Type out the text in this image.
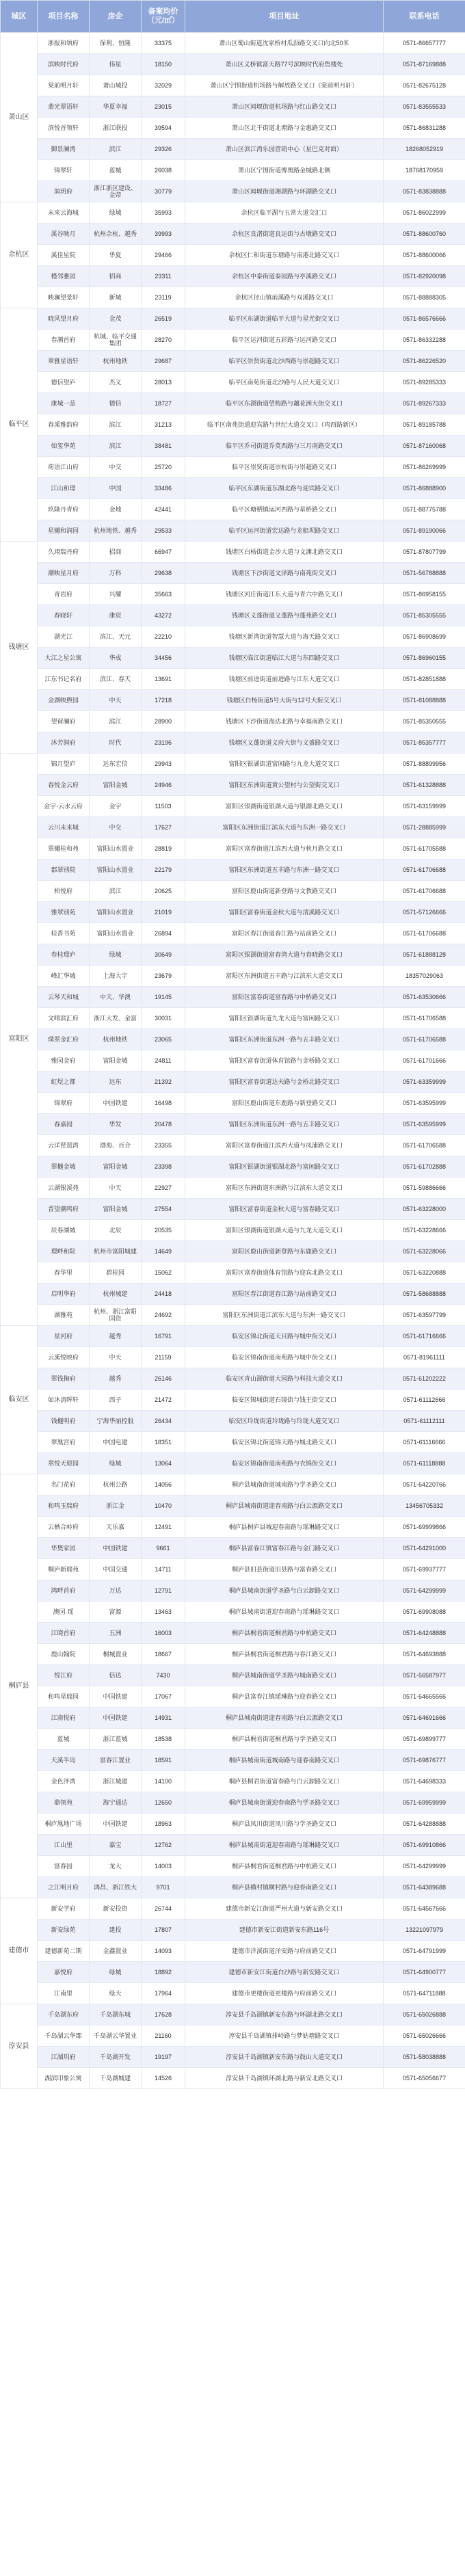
城区	项目名称	房企	备案均价（元/㎡）	项目地址	联系电话
萧山区	浙报和颂府	保利、恒隆	33375	萧山区蜀山街道沈家桥村瓜沥路交叉口向北50米	0571-86657777
	滨映时代府	伟星	18150	萧山区义桥镇富天路77号滨映时代府售楼处	0571-87169888
	棠前明月轩	萧山城投	32029	萧山区宁围街道机场路与解放路交叉口（棠前明月轩）	0571-82675128
	翡光翠语轩	华夏幸福	23015	萧山区闻堰街道机场路与红山路交叉口	0571-83555533
	滨悦首领轩	浙江联投	39594	萧山区北干街道北塘路与金惠路交叉口	0571-86831288
	御景澜湾	滨江	29326	萧山区滨江湾乐园营销中心（星巴克对面）	18268052919
	锦翠轩	蓝城	26038	萧山区宁围街道博奥路金城路北侧	18768170959
	润玥府	浙江浙区建设、金帝	30779	萧山区闻堰街道湘湖路与环湖路交叉口	0571-83838888
余杭区	未来云海城	绿城	35993	余杭区临平湖与五常大道交汇口	0571-86022999
	溪谷映月	杭州余杭、越秀	39993	余杭区良渚街道良运街与古墩路交叉口	0571-88600760
	溪佳星院	华夏	29466	余杭区仁和街道东塘路与南港北路交叉口	0571-88600066
	槿邻雅园	招商	23311	余杭区中泰街道泰园路与亭溪路交叉口	0571-82920098
	映澜望景轩	新城	23119	余杭区径山镇前溪路与双溪路交叉口	0571-88888305
临平区	晓风望月府	金茂	26519	临平区东湖街道临平大道与星光街交叉口	0571-86576666
	春潮首府	杭城、临平交通集团	28270	临平区运河街道五彩路与运河路交叉口	0571-86332288
	翠雅星语轩	杭州地铁	29687	临平区崇贤街道北沙西路与崇超路交叉口	0571-86226520
	德信望庐	杰义	28013	临平区南苑街道北沙路与人民大道交叉口	0571-89285333
	康城一品	德信	18727	临平区东湖街道望梅路与藕花洲大街交叉口	0571-89267333
	春溪雅韵府	滨江	31213	临平区南苑街道迎宾路与世纪大道交叉口（鸡西路新区）	0571-89185788
	如玺华苑	滨江	38481	临平区乔司街道乔莫西路与三月南路交叉口	0571-87160068
	荷语江山府	中交	25720	临平区崇贤街道崇杭街与崇超路交叉口	0571-86269999
	江山和璟	中国	33486	临平区东湖街道东湖北路与迎宾路交叉口	0571-86888900
	玖隆丹青府	金地	42441	临平区塘栖镇运河西路与星桥路交叉口	0571-88775788
	星樾和润园	杭州地铁、越秀	29533	临平区运河街道宏达路与龙船坝路交叉口	0571-89190066
钱塘区	久翊瑞丹府	招商	66947	钱塘区白杨街道金沙大道与文渊北路交叉口	0571-87807799
	潮映星月府	万科	29638	钱塘区下沙街道文泽路与南苑街交叉口	0571-56788888
	青岩府	兴耀	35663	钱塘区河庄街道江东大道与青六中路交叉口	0571-86958155
	春晓轩	康宸	43272	钱塘区义蓬街道义蓬路与蓬苑路交叉口	0571-85305555
	湖光江	滨江、天元	22210	钱塘区新湾街道智慧大道与海天路交叉口	0571-86908699
	大江之星公寓	华成	34456	钱塘区临江街道临江大道与东四路交叉口	0571-86960155
	江东书记名府	滨江、春天	13691	钱塘区前进街道前进路与江东大道交叉口	0571-82851888
	金湖映煦园	中天	17218	钱塘区白杨街道5号大街与12号大街交叉口	0571-81088888
	望荷澜府	滨江	28900	钱塘区下沙街道海达北路与幸福南路交叉口	0571-85350555
	沐芳润府	时代	23196	钱塘区义蓬街道义府大街与义盛路交叉口	0571-85357777
富阳区	锦月望庐	远东宏信	29943	富阳区银湖街道富闲路与九龙大道交叉口	0571-88899956
	春悦金云府	富阳金城	24946	富阳区东洲街道黄公望村与公望街交叉口	0571-61328888
	金宇·云水云府	金宇	11503	富阳区银湖街道银湖大道与银湖北路交叉口	0571-63159999
	云川未来城	中交	17627	富阳区东洲街道江滨东大道与东洲一路交叉口	0571-28885999
	翠樾桂和苑	富阳山水置业	28819	富阳区富春街道江滨西大道与秋月路交叉口	0571-61705588
	郡翠别院	富阳山水置业	22179	富阳区东洲街道五丰路与东洲一路交叉口	0571-61706688
	柏悦府	滨江	20625	富阳区鹿山街道新登路与文教路交叉口	0571-61706688
	雅翠别苑	富阳山水置业	21019	富阳区富春街道金秋大道与清溪路交叉口	0571-57126666
	桂香书苑	富阳山水置业	26894	富阳区春江街道春江路与站前路交叉口	0571-61706688
	春桂璟庐	绿城	30649	富阳区银湖街道富春湾大道与春晓路交叉口	0571-61888128
	峰汇华城	上海大宇	23679	富阳区东洲街道五丰路与江滨东大道交叉口	18357029063
	云琴天和城	中天、华澳	19145	富阳区富春街道富春路与中桥路交叉口	0571-63530666
	文晴滨汇府	浙江大发、金富	30031	富阳区银湖街道九龙大道与富闲路交叉口	0571-61706588
	璞翠金汇府	杭州地铁	23065	富阳区东洲街道东洲一路与五丰路交叉口	0571-61706588
	雅园金府	富阳金城	24811	富阳区富春街道体育馆路与金桥路交叉口	0571-61701666
	虹煜之都	远东	21392	富阳区富春街道达夫路与金桥北路交叉口	0571-63359999
	锦翠府	中国铁建	16498	富阳区鹿山街道东鹿路与新登路交叉口	0571-63595999
	春嘉园	华发	20478	富阳区东洲街道东洲一路与五丰路交叉口	0571-63595999
	云洋琵琶湾	渤海、百合	23355	富阳区富春街道江滨西大道与凤浦路交叉口	0571-61706588
	翠樾金城	富阳金城	23398	富阳区银湖街道银湖北路与富闲路交叉口	0571-61702888
	云湖银溪苑	中天	22927	富阳区东洲街道东洲路与江滨东大道交叉口	0571-59886666
	晋望潮鸣府	富阳金城	27554	富阳区富春街道金秋大道与富春路交叉口	0571-63228000
	辰春湖城	北辰	20535	富阳区银湖街道银湖大道与九龙大道交叉口	0571-63228666
	璟畔和院	杭州市富阳城建	14649	富阳区鹿山街道新登路与东鹿路交叉口	0571-63228066
	春华里	碧桂园	15062	富阳区富春街道体育馆路与迎宾北路交叉口	0571-63220888
	启明华府	杭州城建	24418	富阳区春江街道春江路与站前路交叉口	0571-58688888
	湖雅苑	杭州、浙江富阳国资	24692	富阳区东洲街道江滨东大道与东洲一路交叉口	0571-63597799
临安区	星河府	越秀	16791	临安区锦北街道天目路与城中街交叉口	0571-61716666
	云溪悦映府	中天	21159	临安区锦南街道南苑路与城中街交叉口	0571-81961111
	翠钱掬府	越秀	26146	临安区青山湖街道大园路与科技大道交叉口	0571-61202222
	如沐清晖轩	西子	21472	临安区锦城街道石镜街与钱王街交叉口	0571-61112666
	钱樾明府	宁海华丽控股	26434	临安区玲珑街道玲珑路与玲珑大道交叉口	0571-61112111
	翠凰宫府	中国电建	18351	临安区锦北街道锦天路与城北路交叉口	0571-61116666
	翠悦天原园	绿城	13064	临安区锦南街道南苑路与衣锦街交叉口	0571-61118888
桐庐县	名门花府	杭州公路	14056	桐庐县城南街道城南路与学圣路交叉口	0571-64220766
	和鸣玉瑞府	浙江金	10470	桐庐县城南街道迎春南路与白云源路交叉口	13456705332
	云栖合岭府	天乐嘉	12491	桐庐县桐庐县城迎春南路与瑶琳路交叉口	0571-69999866
	华樊家园	中国铁建	9661	桐庐县富春江镇富春江路与金门路交叉口	0571-64291000
	桐庐新瑞苑	中国交通	14711	桐庐县旧县街道旧县路与富春路交叉口	0571-69937777
	鸿畔首府	万达	12791	桐庐县城南街道学圣路与白云源路交叉口	0571-64299999
	澳园·瑶	富源	13463	桐庐县城南街道迎春南路与瑶琳路交叉口	0571-69908088
	江晓首府	五洲	16003	桐庐县桐君街道桐君路与中杭路交叉口	0571-64248888
	鹿山翰院	桐城置业	18667	桐庐县桐君街道桐君路与春江路交叉口	0571-64693888
	悦江府	信达	7430	桐庐县城南街道学圣路与城南路交叉口	0571-56587977
	和鸣星瑞园	中国铁建	17067	桐庐县富春江镇瑶琳路与迎春路交叉口	0571-64665566
	江南悦府	中国铁建	14931	桐庐县城南街道迎春南路与白云源路交叉口	0571-64691666
	蓝城	浙江蓝城	18538	桐庐县桐君街道桐君路与学圣路交叉口	0571-69899777
	天溪半岛	富春江置业	18591	桐庐县城南街道城南路与迎春南路交叉口	0571-69876777
	金色泮湾	浙江城建	14100	桐庐县桐君街道富春路与白云源路交叉口	0571-64698333
	鼎领苑	海宁通达	12650	桐庐县城南街道迎春南路与学圣路交叉口	0571-69959999
	桐庐凰地广场	中国铁建	18963	桐庐县凤川街道凤川路与学圣路交叉口	0571-64288888
	江山里	嘉宝	12762	桐庐县城南街道迎春南路与瑶琳路交叉口	0571-69910866
	富春园	龙大	14003	桐庐县桐君街道桐君路与中杭路交叉口	0571-64299999
	之江明月府	鸿昌、浙江铁大	9701	桐庐县横村镇横村路与迎春南路交叉口	0571-64389688
建德市	新安学府	新安投资	26744	建德市新安江街道严州大道与新安路交叉口	0571-64567666
	新安绿苑	建投	17807	建德市新安江街道新安东路116号	13221097979
	建德新苑二期	金鑫置业	14093	建德市洋溪街道洋安路与府前路交叉口	0571-64791999
	嘉悦府	绿城	18892	建德市新安江街道白沙路与新安路交叉口	0571-64900777
	江南里	绿天	17964	建德市更楼街道更楼路与府前路交叉口	0571-64711888
淳安县	千岛湖东府	千岛湖东城	17628	淳安县千岛湖镇新安东路与环湖北路交叉口	0571-65026888
	千岛湖云华郡	千岛湖云华置业	21160	淳安县千岛湖镇排岭路与梦姑塘路交叉口	0571-65026666
	江湖玥府	千岛湖开发	19197	淳安县千岛湖镇新安东路与鼓山大道交叉口	0571-58038888
	湖滨印象公寓	千岛湖城建	14526	淳安县千岛湖镇环湖北路与新安北路交叉口	0571-65056677
